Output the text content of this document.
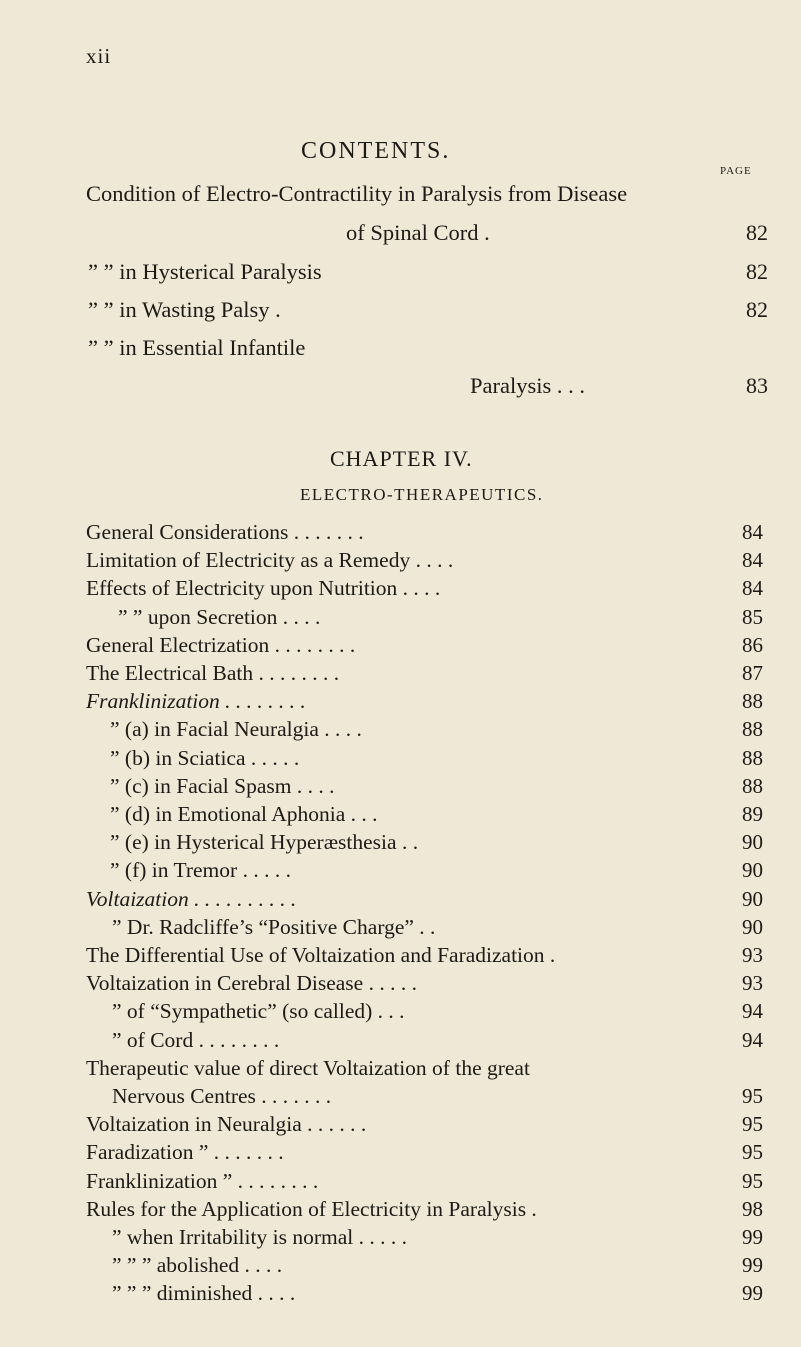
xii
CONTENTS.
PAGE
Condition of Electro-Contractility in Paralysis from Disease
of Spinal Cord .	82
” ” in Hysterical Paralysis	82
” ” in Wasting Palsy .	82
” ” in Essential Infantile
Paralysis . . .	83
CHAPTER IV.
ELECTRO-THERAPEUTICS.
General Considerations . . . . . . .	84
Limitation of Electricity as a Remedy . . . .	84
Effects of Electricity upon Nutrition . . . .	84
” ” upon Secretion . . . .	85
General Electrization . . . . . . . .	86
The Electrical Bath . . . . . . . .	87
Franklinization . . . . . . . .	88
” (a) in Facial Neuralgia . . . .	88
” (b) in Sciatica . . . . .	88
” (c) in Facial Spasm . . . .	88
” (d) in Emotional Aphonia . . .	89
” (e) in Hysterical Hyperæsthesia . .	90
” (f) in Tremor . . . . .	90
Voltaization . . . . . . . . . .	90
” Dr. Radcliffe’s “Positive Charge” . .	90
The Differential Use of Voltaization and Faradization .	93
Voltaization in Cerebral Disease . . . . .	93
” of “Sympathetic” (so called) . . .	94
” of Cord . . . . . . . .	94
Therapeutic value of direct Voltaization of the great
Nervous Centres . . . . . . .	95
Voltaization in Neuralgia . . . . . .	95
Faradization ” . . . . . . .	95
Franklinization ” . . . . . . . .	95
Rules for the Application of Electricity in Paralysis .	98
” when Irritability is normal . . . . .	99
” ” ” abolished . . . .	99
” ” ” diminished . . . .	99
